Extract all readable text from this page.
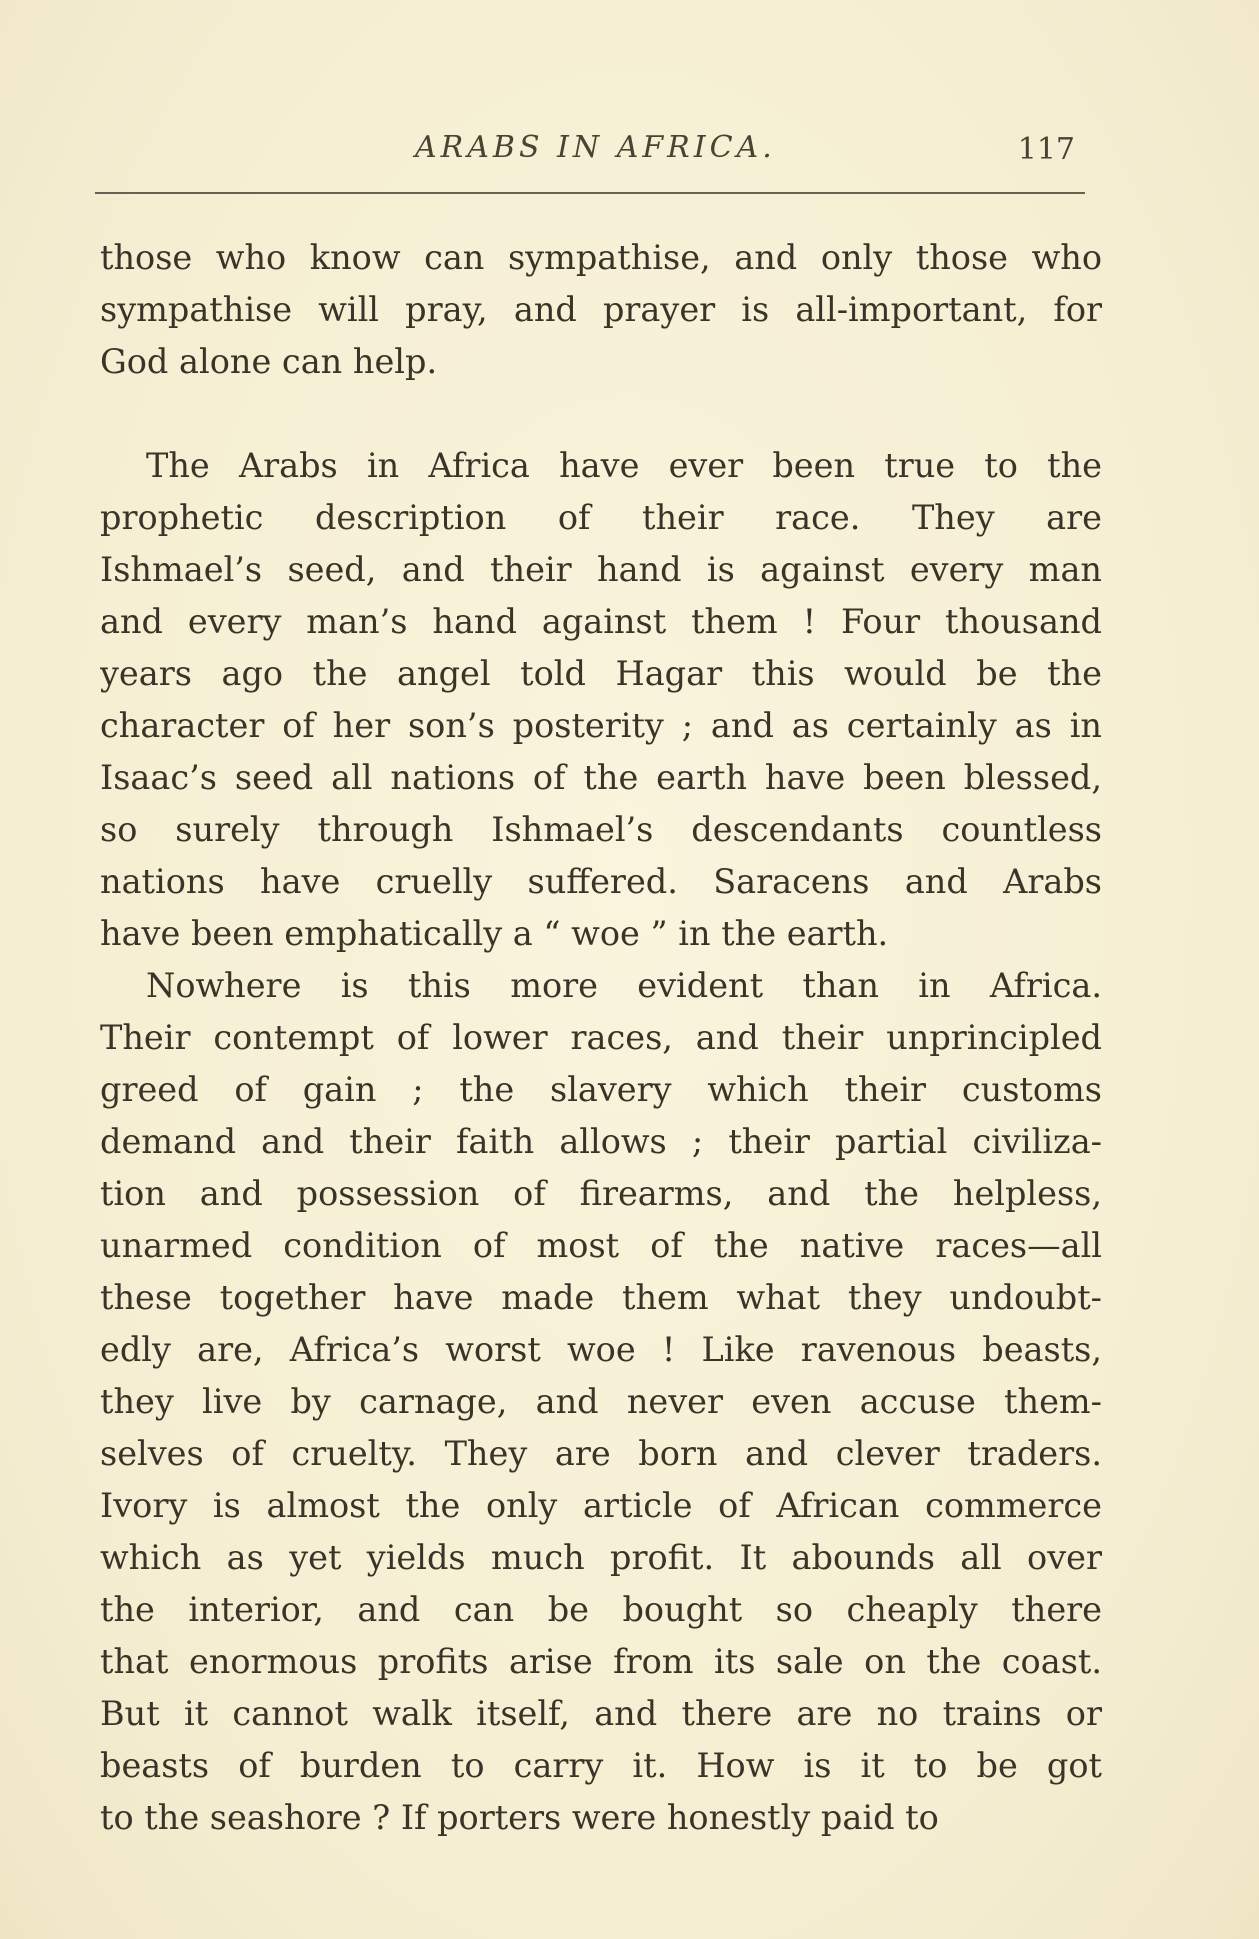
ARABS IN AFRICA.	117
those who know can sympathise, and only those who
sympathise will pray, and prayer is all-important, for
God alone can help.
The Arabs in Africa have ever been true to the
prophetic description of their race. They are
Ishmael’s seed, and their hand is against every man
and every man’s hand against them ! Four thousand
years ago the angel told Hagar this would be the
character of her son’s posterity ; and as certainly as in
Isaac’s seed all nations of the earth have been blessed,
so surely through Ishmael’s descendants countless
nations have cruelly suffered. Saracens and Arabs
have been emphatically a “ woe ” in the earth.
Nowhere is this more evident than in Africa.
Their contempt of lower races, and their unprincipled
greed of gain ; the slavery which their customs
demand and their faith allows ; their partial civiliza-
tion and possession of firearms, and the helpless,
unarmed condition of most of the native races—all
these together have made them what they undoubt-
edly are, Africa’s worst woe ! Like ravenous beasts,
they live by carnage, and never even accuse them-
selves of cruelty. They are born and clever traders.
Ivory is almost the only article of African commerce
which as yet yields much profit. It abounds all over
the interior, and can be bought so cheaply there
that enormous profits arise from its sale on the coast.
But it cannot walk itself, and there are no trains or
beasts of burden to carry it. How is it to be got
to the seashore ? If porters were honestly paid to
